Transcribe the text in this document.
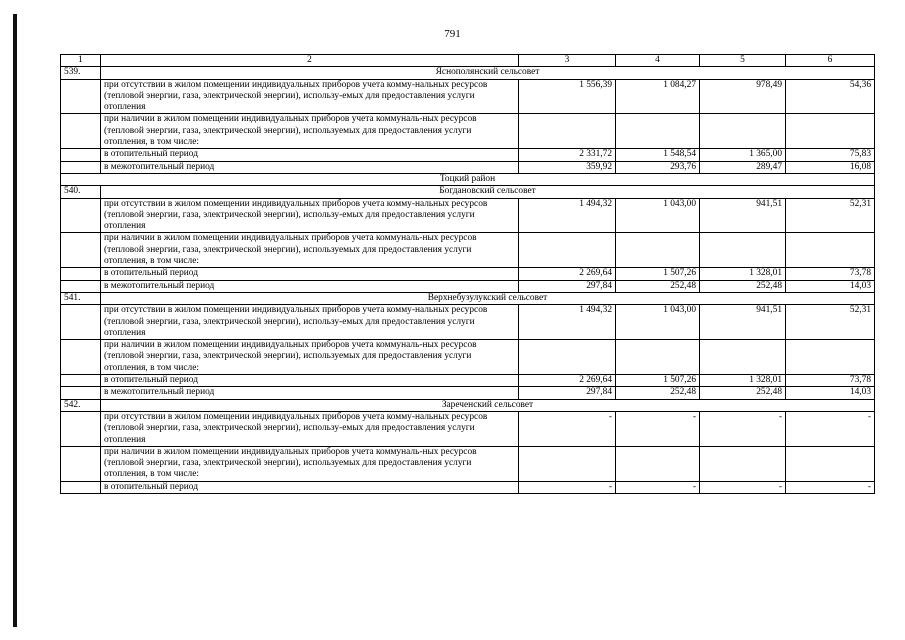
791
1	2	3	4	5	6
539.	Яснополянский сельсовет				
	при отсутствии в жилом помещении индивидуальных приборов учета комму-нальных ресурсов (тепловой энергии, газа, электрической энергии), использу-емых для предоставления услуги отопления	1 556,39	1 084,27	978,49	54,36
	при наличии в жилом помещении индивидуальных приборов учета коммуналь-ных ресурсов (тепловой энергии, газа, электрической энергии), используемых для предоставления услуги отопления, в том числе:				
	в отопительный период	2 331,72	1 548,54	1 365,00	75,83
	в межотопительный период	359,92	293,76	289,47	16,08
Тоцкий район					
540.	Богдановский сельсовет				
	при отсутствии в жилом помещении индивидуальных приборов учета комму-нальных ресурсов (тепловой энергии, газа, электрической энергии), использу-емых для предоставления услуги отопления	1 494,32	1 043,00	941,51	52,31
	при наличии в жилом помещении индивидуальных приборов учета коммуналь-ных ресурсов (тепловой энергии, газа, электрической энергии), используемых для предоставления услуги отопления, в том числе:				
	в отопительный период	2 269,64	1 507,26	1 328,01	73,78
	в межотопительный период	297,84	252,48	252,48	14,03
541.	Верхнебузулукский сельсовет				
	при отсутствии в жилом помещении индивидуальных приборов учета комму-нальных ресурсов (тепловой энергии, газа, электрической энергии), использу-емых для предоставления услуги отопления	1 494,32	1 043,00	941,51	52,31
	при наличии в жилом помещении индивидуальных приборов учета коммуналь-ных ресурсов (тепловой энергии, газа, электрической энергии), используемых для предоставления услуги отопления, в том числе:				
	в отопительный период	2 269,64	1 507,26	1 328,01	73,78
	в межотопительный период	297,84	252,48	252,48	14,03
542.	Зареченский сельсовет				
	при отсутствии в жилом помещении индивидуальных приборов учета комму-нальных ресурсов (тепловой энергии, газа, электрической энергии), использу-емых для предоставления услуги отопления	-	-	-	-
	при наличии в жилом помещении индивидуальных приборов учета коммуналь-ных ресурсов (тепловой энергии, газа, электрической энергии), используемых для предоставления услуги отопления, в том числе:				
	в отопительный период	-	-	-	-
